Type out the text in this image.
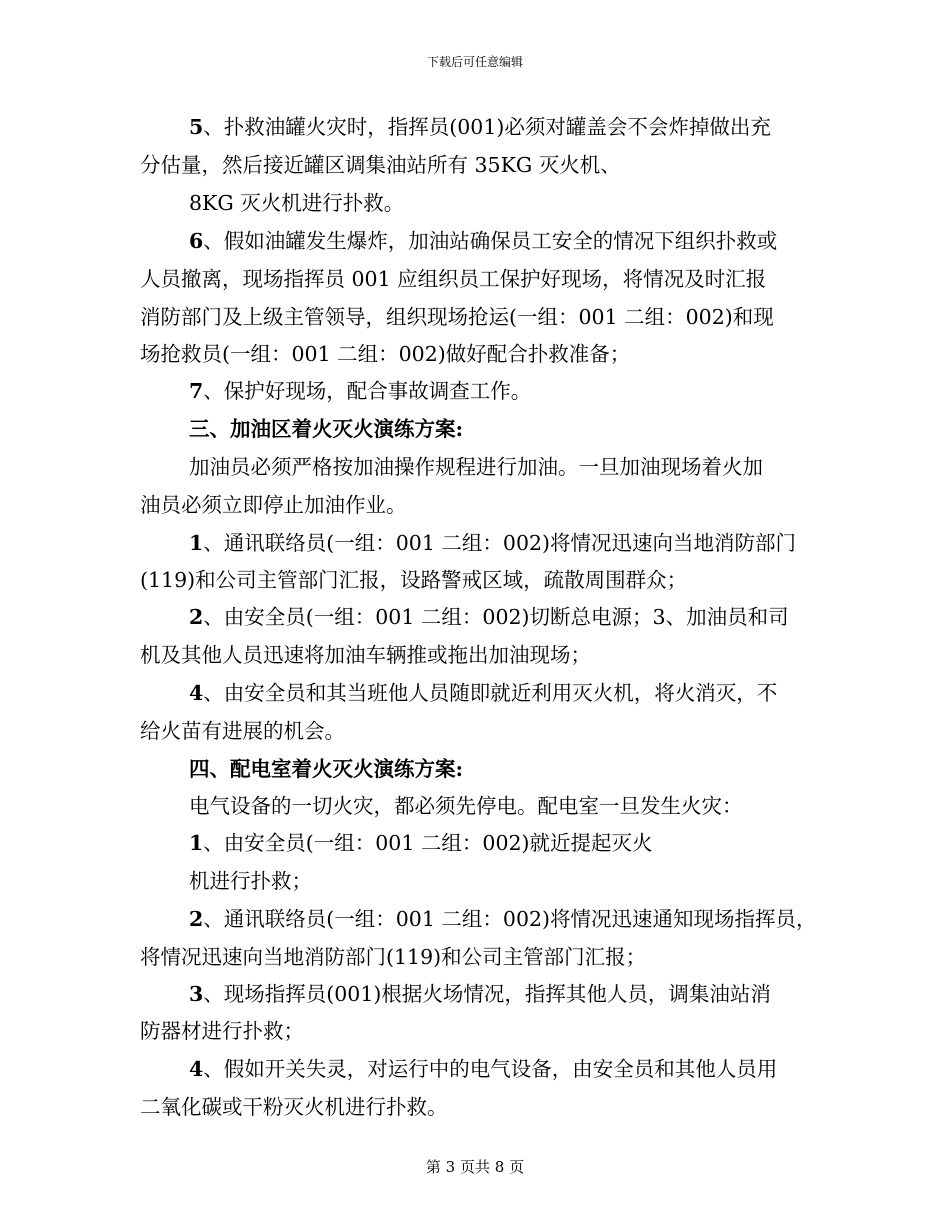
下载后可任意编辑
5、扑救油罐火灾时，指挥员(001)必须对罐盖会不会炸掉做出充
分估量，然后接近罐区调集油站所有 35KG 灭火机、
8KG 灭火机进行扑救。
6、假如油罐发生爆炸，加油站确保员工安全的情况下组织扑救或
人员撤离，现场指挥员 001 应组织员工保护好现场，将情况及时汇报
消防部门及上级主管领导，组织现场抢运(一组：001 二组：002)和现
场抢救员(一组：001 二组：002)做好配合扑救准备；
7、保护好现场，配合事故调查工作。
三、加油区着火灭火演练方案:
加油员必须严格按加油操作规程进行加油。一旦加油现场着火加
油员必须立即停止加油作业。
1、通讯联络员(一组：001 二组：002)将情况迅速向当地消防部门
(119)和公司主管部门汇报，设路警戒区域，疏散周围群众；
2、由安全员(一组：001 二组：002)切断总电源；3、加油员和司
机及其他人员迅速将加油车辆推或拖出加油现场；
4、由安全员和其当班他人员随即就近利用灭火机，将火消灭，不
给火苗有进展的机会。
四、配电室着火灭火演练方案:
电气设备的一切火灾，都必须先停电。配电室一旦发生火灾：
1、由安全员(一组：001 二组：002)就近提起灭火
机进行扑救；
2、通讯联络员(一组：001 二组：002)将情况迅速通知现场指挥员，
将情况迅速向当地消防部门(119)和公司主管部门汇报；
3、现场指挥员(001)根据火场情况，指挥其他人员，调集油站消
防器材进行扑救；
4、假如开关失灵，对运行中的电气设备，由安全员和其他人员用
二氧化碳或干粉灭火机进行扑救。
第 3 页共 8 页
